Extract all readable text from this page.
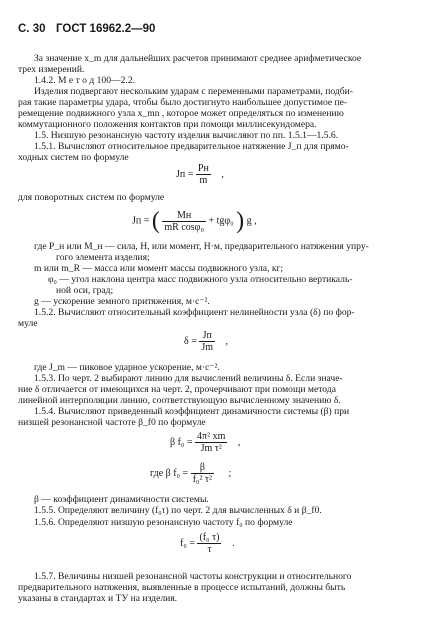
С. 30 ГОСТ 16962.2—90
За значение x_m для дальнейших расчетов принимают среднее арифметическое
трех измерений.
1.4.2. М е т о д 100—2.2.
Изделия подвергают нескольким ударам с переменными параметрами, подби-
рая такие параметры удара, чтобы было достигнуто наибольшее допустимое пе-
ремещение подвижного узла x_mn , которое может определяться по изменению
коммутационного положения контактов при помощи миллисекундомера.
1.5. Низшую резонансную частоту изделия вычисляют по пп. 1.5.1—1.5.6.
1.5.1. Вычисляют относительное предварительное натяжение J_п для прямо-
ходных систем по формуле
Jп = $\frac{Pн}{m}$ ,
для поворотных систем по формуле
Jп = ( $\frac{Mн}{\text{mR cosφ₀}} + tg\varphi_0$ ) g ,
где P_н или M_н — сила, Н, или момент, Н·м, предварительного натяжения упру-
гого элемента изделия;
m или m_R — масса или момент массы подвижного узла, кг;
φ₀ — угол наклона центра масс подвижного узла относительно вертикаль-
ной оси, град;
g — ускорение земного притяжения, м·с⁻².
1.5.2. Вычисляют относительный коэффициент нелинейности узла (δ) по фор-
муле
$\delta = \frac{Jп}{Jm}$ ,
где J_m — пиковое ударное ускорение, м·с⁻².
1.5.3. По черт. 2 выбирают линию для вычислений величины δ. Если значе-
ние δ отличается от имеющихся на черт. 2, прочерчивают при помощи метода
линейной интерполяции линию, соответствующую вычисленному значению δ.
1.5.4. Вычисляют приведенный коэффициент динамичности системы (β) при
низшей резонансной частоте β_f0 по формуле
β $f_0 = \frac{\text{4π² xm}}{\text{Jm τ²}}$ ,
где β $f_0 = \frac{\beta}{\text{f₀² τ²}}$ ;
β — коэффициент динамичности системы.
1.5.5. Определяют величину (f₀τ) по черт. 2 для вычисленных δ и β_f0.
1.5.6. Определяют низшую резонансную частоту f₀ по формуле
$f_0 = \frac{\text{(f₀ τ)}}{\tau}$ .
1.5.7. Величины низшей резонансной частоты конструкции и относительного
предварительного натяжения, выявленные в процессе испытаний, должны быть
указаны в стандартах и ТУ на изделия.
